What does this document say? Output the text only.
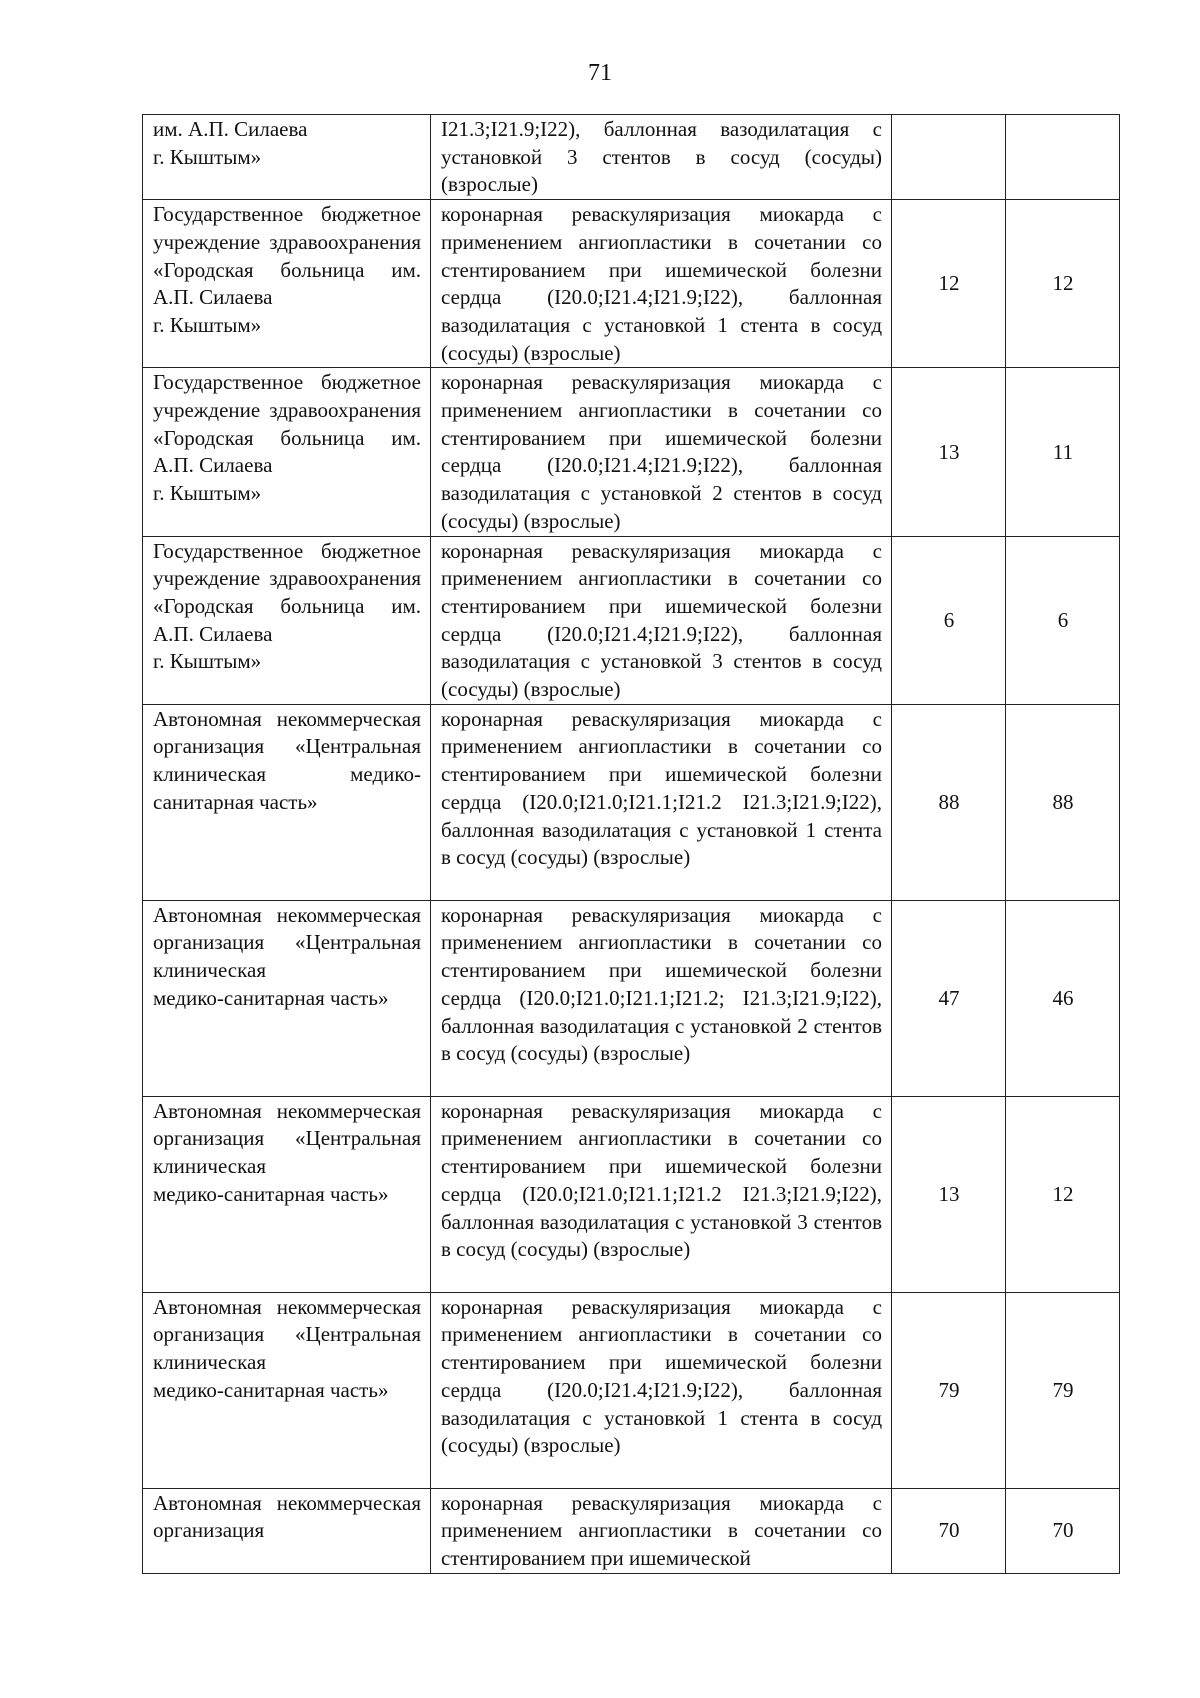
71
им. А.П. Силаева
г. Кыштым»	I21.3;I21.9;I22), баллонная вазодилатация с установкой 3 стентов в сосуд (сосуды) (взрослые)		
Государственное бюджетное учреждение здравоохранения «Городская больница им. А.П. Силаева
г. Кыштым»	коронарная реваскуляризация миокарда с применением ангиопластики в сочетании со стентированием при ишемической болезни сердца (I20.0;I21.4;I21.9;I22), баллонная вазодилатация с установкой 1 стента в сосуд (сосуды) (взрослые)	12	12
Государственное бюджетное учреждение здравоохранения «Городская больница им. А.П. Силаева
г. Кыштым»	коронарная реваскуляризация миокарда с применением ангиопластики в сочетании со стентированием при ишемической болезни сердца (I20.0;I21.4;I21.9;I22), баллонная вазодилатация с установкой 2 стентов в сосуд (сосуды) (взрослые)	13	11
Государственное бюджетное учреждение здравоохранения «Городская больница им. А.П. Силаева
г. Кыштым»	коронарная реваскуляризация миокарда с применением ангиопластики в сочетании со стентированием при ишемической болезни сердца (I20.0;I21.4;I21.9;I22), баллонная вазодилатация с установкой 3 стентов в сосуд (сосуды) (взрослые)	6	6
Автономная некоммерческая организация «Центральная клиническая медико-санитарная часть»	коронарная реваскуляризация миокарда с применением ангиопластики в сочетании со стентированием при ишемической болезни сердца (I20.0;I21.0;I21.1;I21.2 I21.3;I21.9;I22), баллонная вазодилатация с установкой 1 стента в сосуд (сосуды) (взрослые)	88	88
Автономная некоммерческая организация «Центральная клиническая
медико-санитарная часть»	коронарная реваскуляризация миокарда с применением ангиопластики в сочетании со стентированием при ишемической болезни сердца (I20.0;I21.0;I21.1;I21.2; I21.3;I21.9;I22), баллонная вазодилатация с установкой 2 стентов в сосуд (сосуды) (взрослые)	47	46
Автономная некоммерческая организация «Центральная клиническая
медико-санитарная часть»	коронарная реваскуляризация миокарда с применением ангиопластики в сочетании со стентированием при ишемической болезни сердца (I20.0;I21.0;I21.1;I21.2 I21.3;I21.9;I22), баллонная вазодилатация с установкой 3 стентов в сосуд (сосуды) (взрослые)	13	12
Автономная некоммерческая организация «Центральная клиническая
медико-санитарная часть»	коронарная реваскуляризация миокарда с применением ангиопластики в сочетании со стентированием при ишемической болезни сердца (I20.0;I21.4;I21.9;I22), баллонная вазодилатация с установкой 1 стента в сосуд (сосуды) (взрослые)	79	79
Автономная некоммерческая организация	коронарная реваскуляризация миокарда с применением ангиопластики в сочетании со стентированием при ишемической	70	70
